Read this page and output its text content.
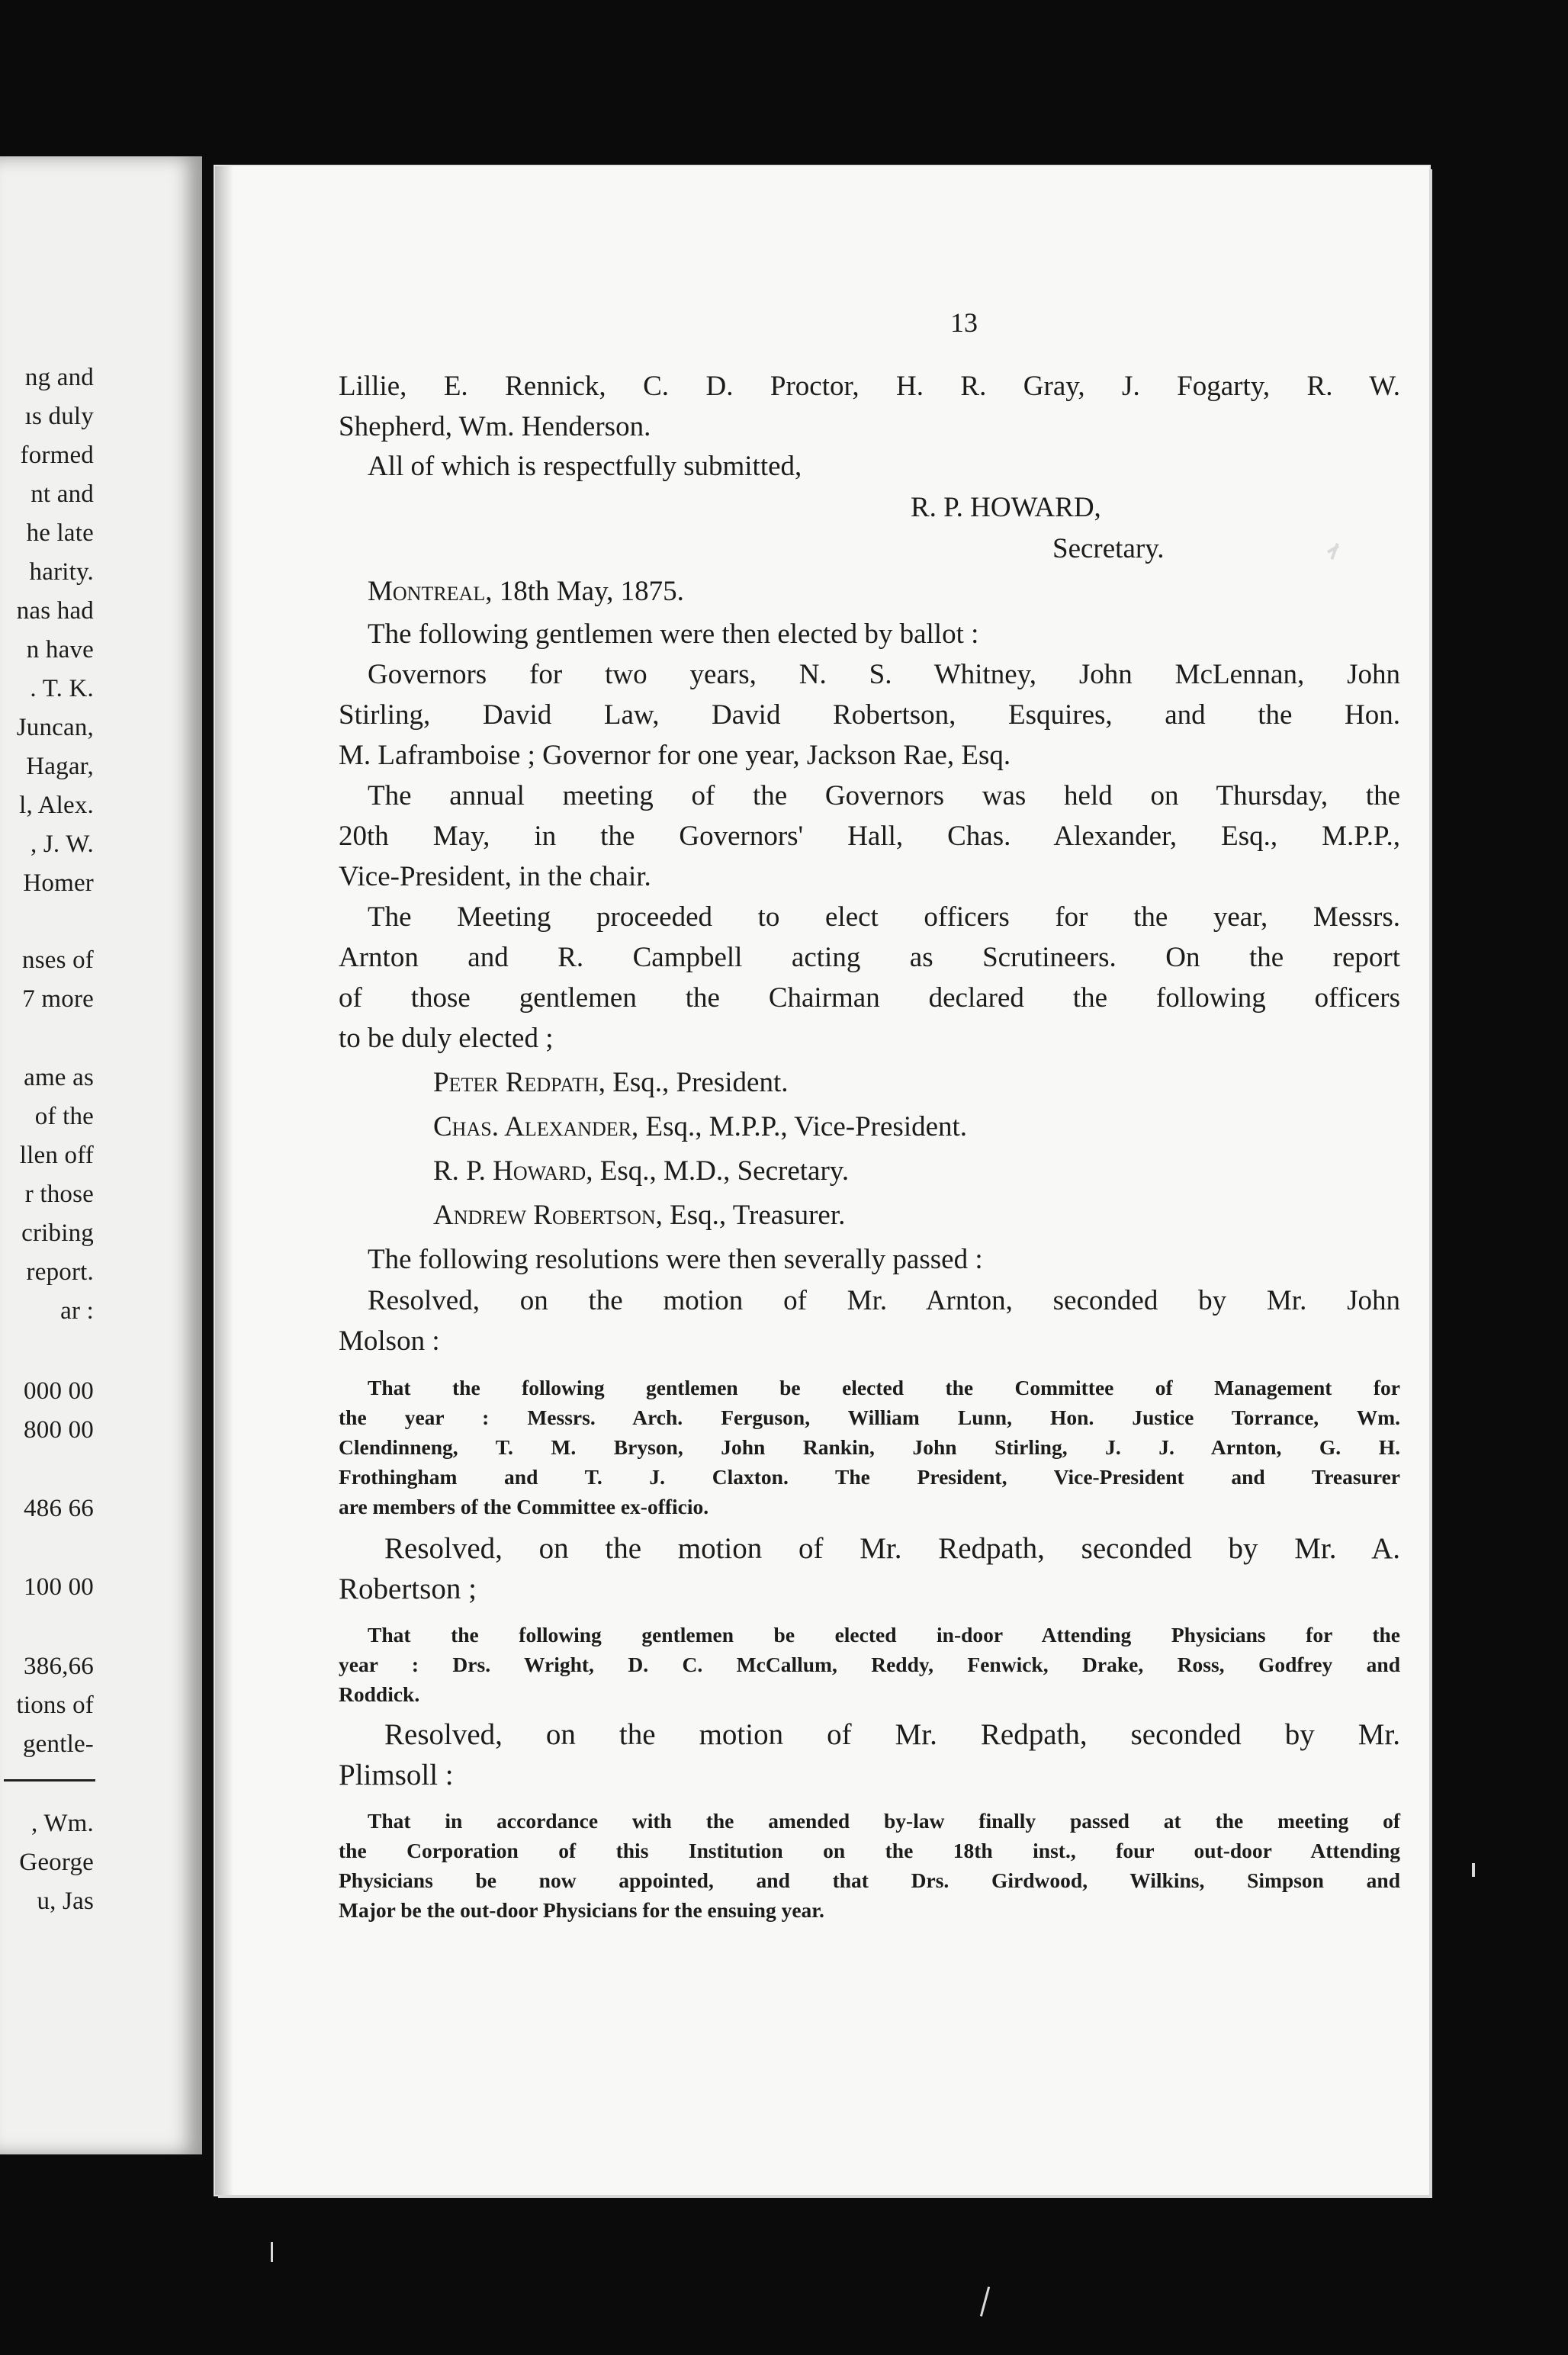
ng and
ıs duly
formed
nt and
he late
harity.
nas had
n have
. T. K.
Juncan,
Hagar,
l, Alex.
, J. W.
Homer
nses of
7 more
ame as
of the
llen off
r those
cribing
report.
ar :
000 00
800 00
486 66
100 00
386,66
tions of
gentle-
, Wm.
George
u, Jas
13
Lillie, E. Rennick, C. D. Proctor, H. R. Gray, J. Fogarty, R. W.
Shepherd, Wm. Henderson.
All of which is respectfully submitted,
R. P. HOWARD,
Secretary.
Montreal, 18th May, 1875.
The following gentlemen were then elected by ballot :
Governors for two years, N. S. Whitney, John McLennan, John
Stirling, David Law, David Robertson, Esquires, and the Hon.
M. Laframboise ; Governor for one year, Jackson Rae, Esq.
The annual meeting of the Governors was held on Thursday, the
20th May, in the Governors' Hall, Chas. Alexander, Esq., M.P.P.,
Vice-President, in the chair.
The Meeting proceeded to elect officers for the year, Messrs.
Arnton and R. Campbell acting as Scrutineers. On the report
of those gentlemen the Chairman declared the following officers
to be duly elected ;
Peter Redpath, Esq., President.
Chas. Alexander, Esq., M.P.P., Vice-President.
R. P. Howard, Esq., M.D., Secretary.
Andrew Robertson, Esq., Treasurer.
The following resolutions were then severally passed :
Resolved, on the motion of Mr. Arnton, seconded by Mr. John
Molson :
That the following gentlemen be elected the Committee of Management for
the year : Messrs. Arch. Ferguson, William Lunn, Hon. Justice Torrance, Wm.
Clendinneng, T. M. Bryson, John Rankin, John Stirling, J. J. Arnton, G. H.
Frothingham and T. J. Claxton. The President, Vice-President and Treasurer
are members of the Committee ex-officio.
Resolved, on the motion of Mr. Redpath, seconded by Mr. A.
Robertson ;
That the following gentlemen be elected in-door Attending Physicians for the
year : Drs. Wright, D. C. McCallum, Reddy, Fenwick, Drake, Ross, Godfrey and
Roddick.
Resolved, on the motion of Mr. Redpath, seconded by Mr.
Plimsoll :
That in accordance with the amended by-law finally passed at the meeting of
the Corporation of this Institution on the 18th inst., four out-door Attending
Physicians be now appointed, and that Drs. Girdwood, Wilkins, Simpson and
Major be the out-door Physicians for the ensuing year.
